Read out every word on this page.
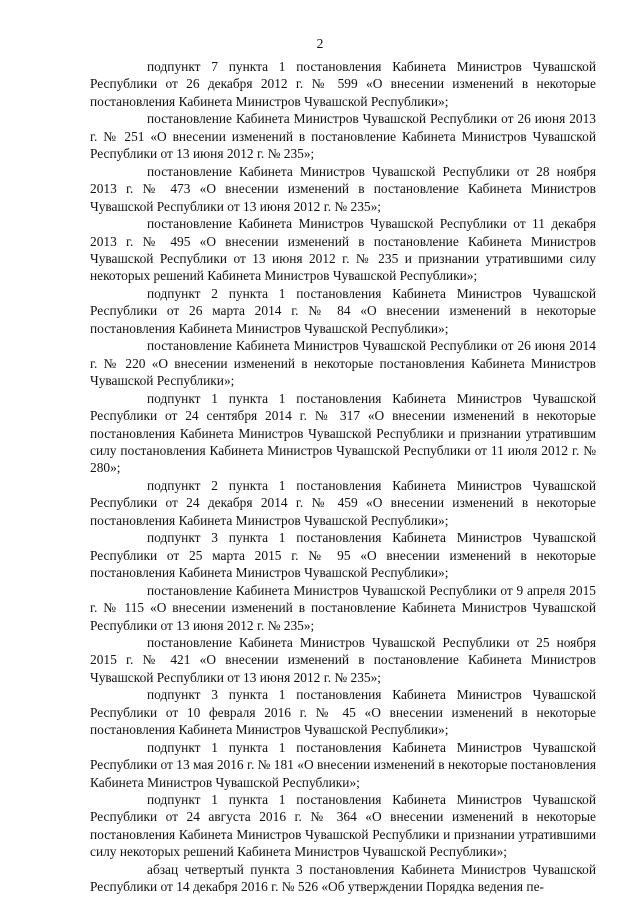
2

подпункт 7 пункта 1 постановления Кабинета Министров Чувашской Республики от 26 декабря 2012 г. № 599 «О внесении изменений в некоторые постановления Кабинета Министров Чувашской Республики»;

постановление Кабинета Министров Чувашской Республики от 26 июня 2013 г. № 251 «О внесении изменений в постановление Кабинета Министров Чувашской Республики от 13 июня 2012 г. № 235»;

постановление Кабинета Министров Чувашской Республики от 28 ноября 2013 г. № 473 «О внесении изменений в постановление Кабинета Министров Чувашской Республики от 13 июня 2012 г. № 235»;

постановление Кабинета Министров Чувашской Республики от 11 декабря 2013 г. № 495 «О внесении изменений в постановление Кабинета Министров Чувашской Республики от 13 июня 2012 г. № 235 и признании утратившими силу некоторых решений Кабинета Министров Чувашской Республики»;

подпункт 2 пункта 1 постановления Кабинета Министров Чувашской Республики от 26 марта 2014 г. № 84 «О внесении изменений в некоторые постановления Кабинета Министров Чувашской Республики»;

постановление Кабинета Министров Чувашской Республики от 26 июня 2014 г. № 220 «О внесении изменений в некоторые постановления Кабинета Министров Чувашской Республики»;

подпункт 1 пункта 1 постановления Кабинета Министров Чувашской Республики от 24 сентября 2014 г. № 317 «О внесении изменений в некоторые постановления Кабинета Министров Чувашской Республики и признании утратившим силу постановления Кабинета Министров Чувашской Республики от 11 июля 2012 г. № 280»;

подпункт 2 пункта 1 постановления Кабинета Министров Чувашской Республики от 24 декабря 2014 г. № 459 «О внесении изменений в некоторые постановления Кабинета Министров Чувашской Республики»;

подпункт 3 пункта 1 постановления Кабинета Министров Чувашской Республики от 25 марта 2015 г. № 95 «О внесении изменений в некоторые постановления Кабинета Министров Чувашской Республики»;

постановление Кабинета Министров Чувашской Республики от 9 апреля 2015 г. № 115 «О внесении изменений в постановление Кабинета Министров Чувашской Республики от 13 июня 2012 г. № 235»;

постановление Кабинета Министров Чувашской Республики от 25 ноября 2015 г. № 421 «О внесении изменений в постановление Кабинета Министров Чувашской Республики от 13 июня 2012 г. № 235»;

подпункт 3 пункта 1 постановления Кабинета Министров Чувашской Республики от 10 февраля 2016 г. № 45 «О внесении изменений в некоторые постановления Кабинета Министров Чувашской Республики»;

подпункт 1 пункта 1 постановления Кабинета Министров Чувашской Республики от 13 мая 2016 г. № 181 «О внесении изменений в некоторые постановления Кабинета Министров Чувашской Республики»;

подпункт 1 пункта 1 постановления Кабинета Министров Чувашской Республики от 24 августа 2016 г. № 364 «О внесении изменений в некоторые постановления Кабинета Министров Чувашской Республики и признании утратившими силу некоторых решений Кабинета Министров Чувашской Республики»;

абзац четвертый пункта 3 постановления Кабинета Министров Чувашской Республики от 14 декабря 2016 г. № 526 «Об утверждении Порядка ведения пе-
